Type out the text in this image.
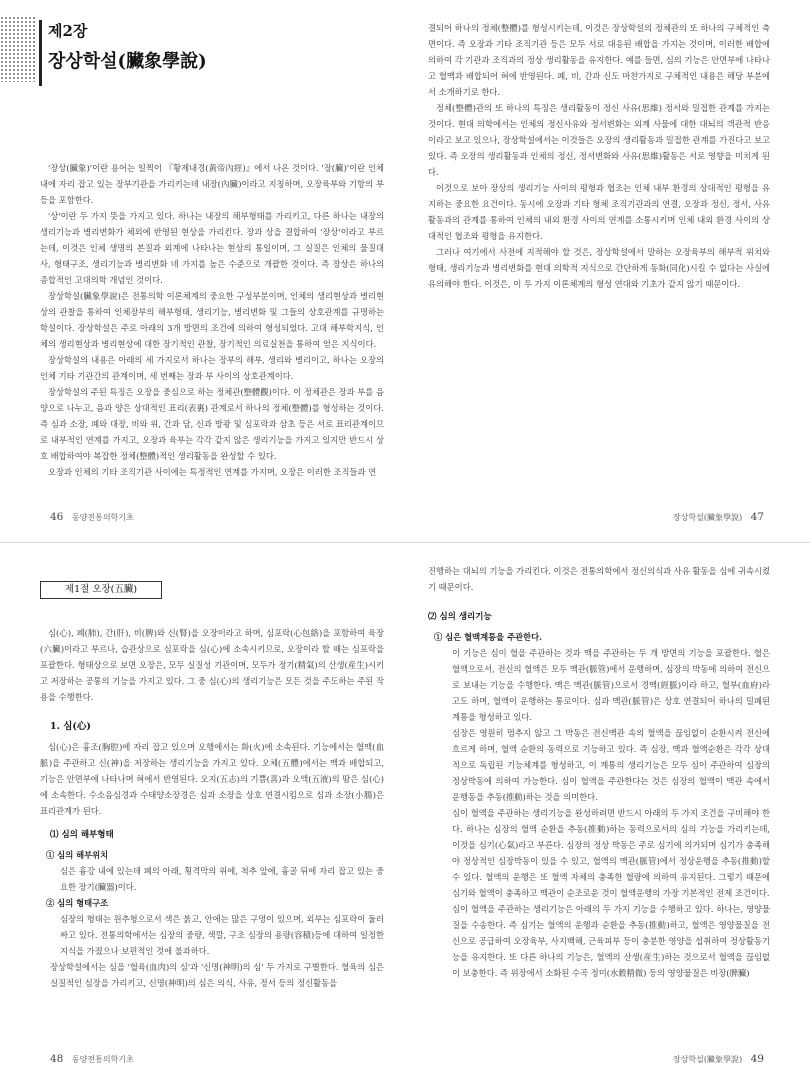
제2장
장상학설(臟象學說)

'장상(臟象)'이란 용어는 일찍이 『황제내경(黃帝內經)』에서 나온 것이다. '장(臟)'이란 인체 내에 자리 잡고 있는 장부기관을 가리키는데 내장(內臟)이라고 지칭하며, 오장육부와 기항의 부 등을 포함한다.

'상'이란 두 가지 뜻을 가지고 있다. 하나는 내장의 해부형태를 가리키고, 다른 하나는 내장의 생리기능과 병리변화가 체외에 반영된 현상을 가리킨다. 장과 상을 결합하여 '장상'이라고 부르는데, 이것은 인체 생명의 본질과 외계에 나타나는 현상의 통일이며, 그 실질은 인체의 물질대사, 형태구조, 생리기능과 병리변화 네 가지를 높은 수준으로 개괄한 것이다. 즉 장상은 하나의 종합적인 고대의학 개념인 것이다.

장상학설(臟象學說)은 전통의학 이론체계의 중요한 구성부분이며, 인체의 생리현상과 병리현상의 관찰을 통하여 인체장부의 해부형태, 생리기능, 병리변화 및 그들의 상호관계를 규명하는 학설이다. 장상학설은 주로 아래의 3개 방면의 조건에 의하여 형성되었다. 고대 해부학지식, 인체의 생리현상과 병리현상에 대한 장기적인 관찰, 장기적인 의료실천을 통하여 얻은 지식이다.

장상학설의 내용은 아래의 세 가지로서 하나는 장부의 해부, 생리와 병리이고, 하나는 오장의 인체 기타 기관간의 관계이며, 세 번째는 장과 부 사이의 상호관계이다.

장상학설의 주된 특징은 오장을 중심으로 하는 정체관(整體觀)이다. 이 정체관은 장과 부를 음양으로 나누고, 음과 양은 상대적인 표리(表裏) 관계로서 하나의 정체(整體)를 형성하는 것이다. 즉 심과 소장, 폐와 대장, 비와 위, 간과 담, 신과 방광 및 심포락과 삼초 등은 서로 표리관계이므로 내부적인 연계를 가지고, 오장과 육부는 각각 같지 않은 생리기능을 가지고 있지만 반드시 상호 배합하여야 복잡한 정체(整體)적인 생리활동을 완성할 수 있다.

오장과 인체의 기타 조직기관 사이에는 특정적인 연계를 가지며, 오장은 이러한 조직들과 연

결되어 하나의 정체(整體)를 형성시키는데, 이것은 장상학설의 정체관의 또 하나의 구체적인 측면이다. 즉 오장과 기타 조직기관 등은 모두 서로 대응된 배합을 가지는 것이며, 이러한 배합에 의하여 각 기관과 조직과의 정상 생리활동을 유지한다. 예를 들면, 심의 기능은 안면부에 나타나고 혈맥과 배합되어 혀에 반영된다. 폐, 비, 간과 신도 마찬가지로 구체적인 내용은 해당 부분에서 소개하기로 한다.

정체(整體)관의 또 하나의 특징은 생리활동이 정신 사유(思維) 정서와 밀접한 관계를 가지는 것이다. 현대 의학에서는 인체의 정신사유와 정서변화는 외계 사물에 대한 대뇌의 객관적 반응이라고 보고 있으나, 장상학설에서는 이것들은 오장의 생리활동과 밀접한 관계를 가진다고 보고 있다. 즉 오장의 생리활동과 인체의 정신, 정서변화와 사유(思維)활동은 서로 영향을 미치게 된다.

이것으로 보아 장상의 생리기능 사이의 평형과 협조는 인체 내부 환경의 상대적인 평형을 유지하는 중요한 요건이다. 동시에 오장과 기타 형체 조직기관과의 연결, 오장과 정신, 정서, 사유활동과의 관계를 통하여 인체의 내외 환경 사이의 연계를 소통시키며 인체 내외 환경 사이의 상대적인 협조와 평형을 유지한다.

그러나 여기에서 사전에 지적해야 할 것은, 장상학설에서 말하는 오장육부의 해부적 위치와 형태, 생리기능과 병리변화를 현대 의학적 지식으로 간단하게 동화(同化)시킬 수 없다는 사실에 유의해야 한다. 이것은, 이 두 가지 이론체계의 형성 연대와 기초가 같지 않기 때문이다.

46 동양전통의학기초	장상학설(臟象學說) 47
제1절 오장(五臟)

심(心), 폐(肺), 간(肝), 비(脾)와 신(腎)을 오장이라고 하며, 심포락(心包絡)을 포함하여 육장(六臟)이라고 부르나, 습관상으로 심포락을 심(心)에 소속시키므로, 오장이라 할 때는 심포락을 포괄한다. 형태상으로 보면 오장은, 모두 실질성 기관이며, 모두가 정기(精氣)의 산생(産生)시키고 저장하는 공통의 기능을 가지고 있다. 그 중 심(心)의 생리기능은 모든 것을 주도하는 주된 작용을 수행한다.

1. 심(心)

심(心)은 흉조(胸腔)에 자리 잡고 있으며 오행에서는 화(火)에 소속된다. 기능에서는 혈맥(血脈)을 주관하고 신(神)을 저장하는 생리기능을 가지고 있다. 오체(五體)에서는 맥과 배합되고, 기능은 안면부에 나타나며 혀에서 반영된다. 오지(五志)의 기쁨(喜)과 오액(五液)의 땀은 심(心)에 소속한다. 수소음심경과 수태양소장경은 심과 소장을 상호 연결시킴으로 심과 소장(小腸)은 표리관계가 된다.

⑴ 심의 해부형태
① 심의 해부위치

심은 흉강 내에 있는데 폐의 아래, 횡격막의 위에, 척추 앞에, 흉골 뒤에 자리 잡고 있는 중요한 장기(臟器)이다.

② 심의 형태구조

심장의 형태는 원추형으로서 색은 붉고, 안에는 많은 구멍이 있으며, 외부는 심포락이 둘러싸고 있다. 전통의학에서는 심장의 중량, 색깔, 구조 심장의 용량(容積)등에 대하여 일정한 지식을 가졌으나 보편적인 것에 불과하다.

장상학설에서는 심을 '혈육(血肉)의 심'과 '신명(神明)의 심' 두 가지로 구별한다. 혈육의 심은 실질적인 심장을 가리키고, 신명(神明)의 심은 의식, 사유, 정서 등의 정신활동을

진행하는 대뇌의 기능을 가리킨다. 이것은 전통의학에서 정신의식과 사유 활동을 심에 귀속시켰기 때문이다.

⑵ 심의 생리기능
① 심은 혈맥계통을 주관한다.

이 기능은 심이 혈을 주관하는 것과 맥을 주관하는 두 개 방면의 기능을 포괄한다. 혈은 혈액으로서, 전신의 혈액은 모두 맥관(脈管)에서 운행하며, 심장의 박동에 의하여 전신으로 보내는 기능을 수행한다. 맥은 맥관(脈管)으로서 경맥(經脈)이라 하고, 혈부(血府)라고도 하며, 혈액이 운행하는 통로이다. 심과 맥관(脈管)은 상호 연결되어 하나의 밀폐된 계통을 형성하고 있다.

심장은 영원히 멈추지 않고 그 박동은 전신맥관 속의 혈액을 끊임없이 순환시켜 전신에 흐르게 하며, 혈액 순환의 동력으로 기능하고 있다. 즉 심장, 맥과 혈액순환은 각각 상대적으로 독립된 기능체계를 형성하고, 이 계통의 생리기능은 모두 심이 주관하여 심장의 정상박동에 의하여 가능한다. 심이 혈액을 주관한다는 것은 심장의 혈액이 맥관 속에서 운행동을 추동(推動)하는 것을 의미한다.

심이 혈액을 주관하는 생리기능을 완성하려면 반드시 아래의 두 가지 조건을 구비해야 한다. 하나는 심장의 혈액 순환을 추동(推動)하는 동력으로서의 심의 기능을 가리키는데, 이것을 심기(心氣)라고 부른다. 심장의 정상 박동은 주로 심기에 의거되며 심기가 충족해야 정상적인 심장박동이 있을 수 있고, 혈액의 맥관(脈管)에서 정상운행을 추동(推動)할 수 있다. 혈액의 운행은 또 혈액 자체의 충족한 혈량에 의하여 유지된다. 그렇기 때문에 심기와 혈액이 충족하고 맥관이 순조로운 것이 혈액운행의 가장 기본적인 전제 조건이다.

심이 혈액을 주관하는 생리기능은 아래의 두 가지 기능을 수행하고 있다. 하나는, 영양물질을 수송한다. 즉 심기는 혈액의 운행과 순환을 추동(推動)하고, 혈액은 영양물질을 전신으로 공급하여 오장육부, 사지백해, 근육피부 등이 충분한 영양을 섭취하여 정상활동기능을 유지한다. 또 다른 하나의 기능은, 혈액의 산생(産生)하는 것으로서 혈액을 끊임없이 보충한다. 즉 위장에서 소화된 수곡 정미(水穀精微) 등의 영양물질은 비장(脾臟)

48 동양전통의학기초	장상학설(臟象學說) 49
